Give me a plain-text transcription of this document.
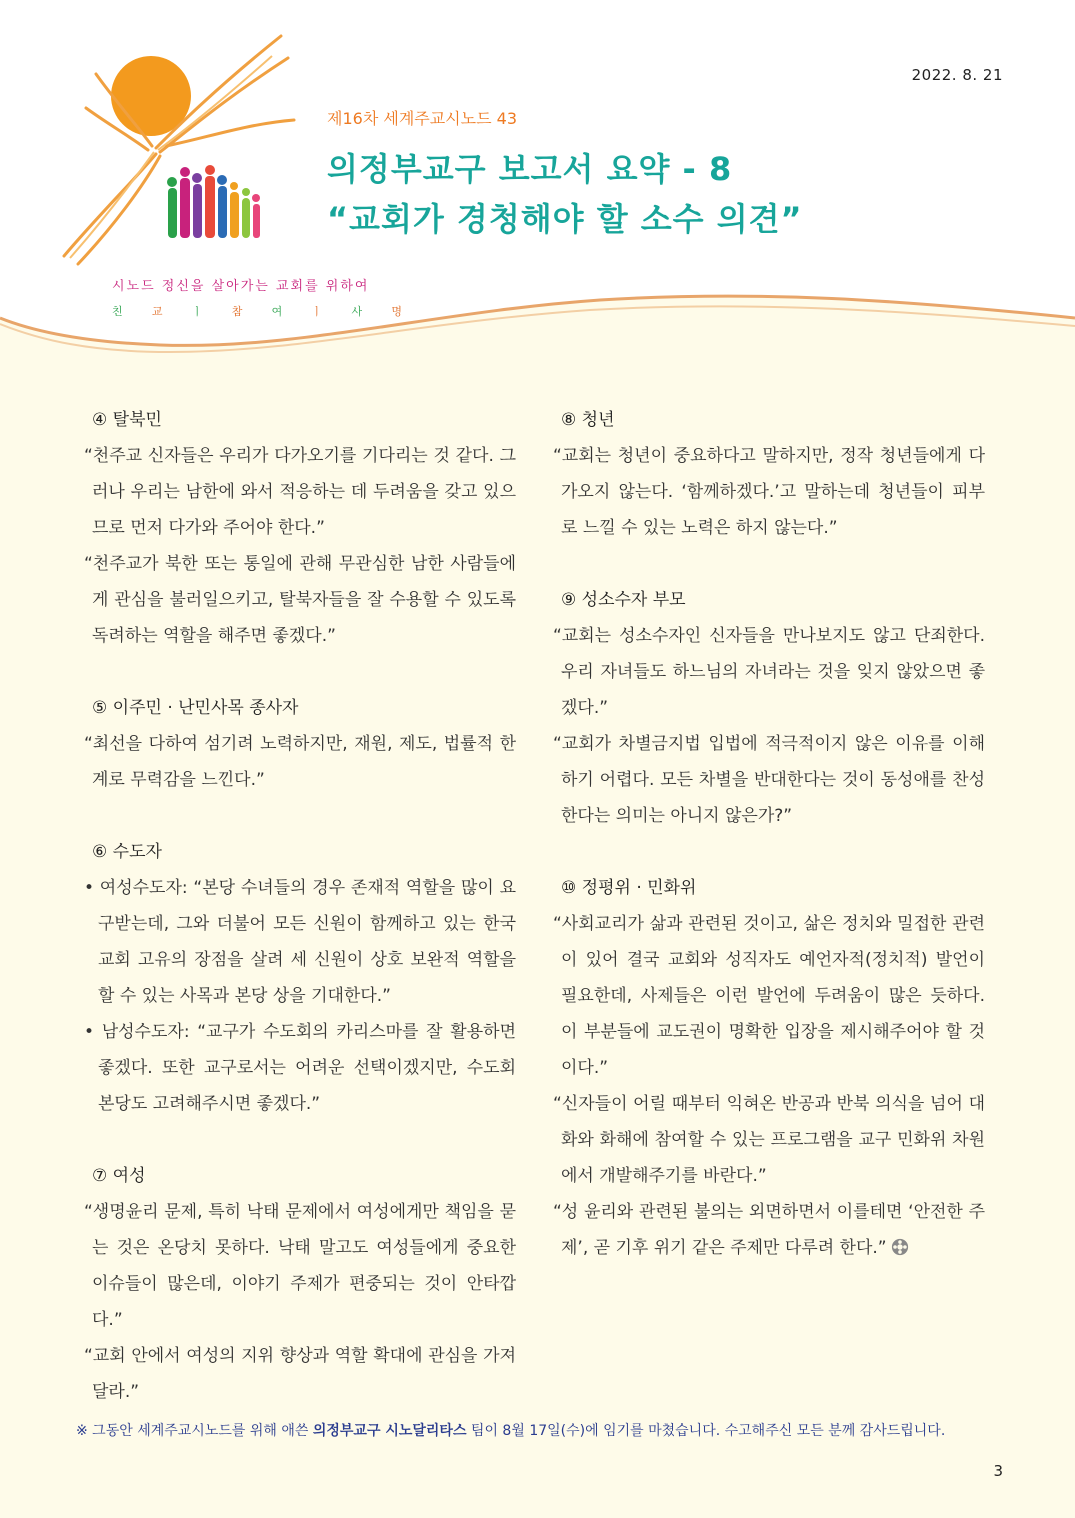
2022. 8. 21
시노드 정신을 살아가는 교회를 위하여
친	교	ㅣ	참	여	ㅣ	사	명
제16차 세계주교시노드 43
의정부교구 보고서 요약 - 8
“교회가 경청해야 할 소수 의견”
④ 탈북민

“천주교 신자들은 우리가 다가오기를 기다리는 것 같다. 그러나 우리는 남한에 와서 적응하는 데 두려움을 갖고 있으므로 먼저 다가와 주어야 한다.”

“천주교가 북한 또는 통일에 관해 무관심한 남한 사람들에게 관심을 불러일으키고, 탈북자들을 잘 수용할 수 있도록 독려하는 역할을 해주면 좋겠다.”

⑤ 이주민 · 난민사목 종사자

“최선을 다하여 섬기려 노력하지만, 재원, 제도, 법률적 한계로 무력감을 느낀다.”

⑥ 수도자

• 여성수도자: “본당 수녀들의 경우 존재적 역할을 많이 요구받는데, 그와 더불어 모든 신원이 함께하고 있는 한국교회 고유의 장점을 살려 세 신원이 상호 보완적 역할을 할 수 있는 사목과 본당 상을 기대한다.”

• 남성수도자: “교구가 수도회의 카리스마를 잘 활용하면 좋겠다. 또한 교구로서는 어려운 선택이겠지만, 수도회 본당도 고려해주시면 좋겠다.”

⑦ 여성

“생명윤리 문제, 특히 낙태 문제에서 여성에게만 책임을 묻는 것은 온당치 못하다. 낙태 말고도 여성들에게 중요한 이슈들이 많은데, 이야기 주제가 편중되는 것이 안타깝다.”

“교회 안에서 여성의 지위 향상과 역할 확대에 관심을 가져 달라.”

⑧ 청년

“교회는 청년이 중요하다고 말하지만, 정작 청년들에게 다가오지 않는다. ‘함께하겠다.’고 말하는데 청년들이 피부로 느낄 수 있는 노력은 하지 않는다.”

⑨ 성소수자 부모

“교회는 성소수자인 신자들을 만나보지도 않고 단죄한다. 우리 자녀들도 하느님의 자녀라는 것을 잊지 않았으면 좋겠다.”

“교회가 차별금지법 입법에 적극적이지 않은 이유를 이해하기 어렵다. 모든 차별을 반대한다는 것이 동성애를 찬성한다는 의미는 아니지 않은가?”

⑩ 정평위 · 민화위

“사회교리가 삶과 관련된 것이고, 삶은 정치와 밀접한 관련이 있어 결국 교회와 성직자도 예언자적(정치적) 발언이 필요한데, 사제들은 이런 발언에 두려움이 많은 듯하다. 이 부분들에 교도권이 명확한 입장을 제시해주어야 할 것이다.”

“신자들이 어릴 때부터 익혀온 반공과 반북 의식을 넘어 대화와 화해에 참여할 수 있는 프로그램을 교구 민화위 차원에서 개발해주기를 바란다.”

“성 윤리와 관련된 불의는 외면하면서 이를테면 ‘안전한 주제’, 곧 기후 위기 같은 주제만 다루려 한다.”

※ 그동안 세계주교시노드를 위해 애쓴 의정부교구 시노달리타스 팀이 8월 17일(수)에 임기를 마쳤습니다. 수고해주신 모든 분께 감사드립니다.
3
